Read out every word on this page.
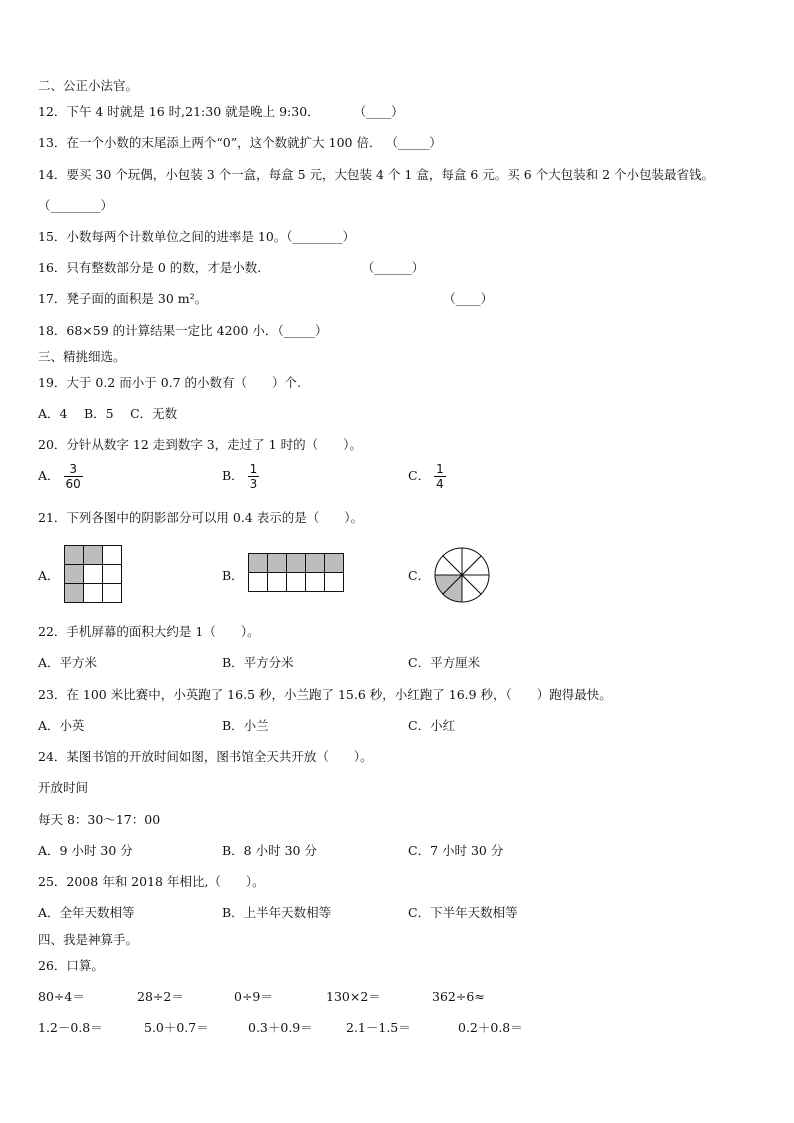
二、公正小法官。
12．下午 4 时就是 16 时,21:30 就是晚上 9:30．	（____）
13．在一个小数的末尾添上两个“0”，这个数就扩大 100 倍． （_____）
14．要买 30 个玩偶，小包装 3 个一盒，每盒 5 元，大包装 4 个 1 盒，每盒 6 元。买 6 个大包装和 2 个小包装最省钱。
（________）
15．小数每两个计数单位之间的进率是 10。（________）
16．只有整数部分是 0 的数，才是小数．	（______）
17．凳子面的面积是 30 m²。	（____）
18．68×59 的计算结果一定比 4200 小．（_____）
三、精挑细选。
19．大于 0.2 而小于 0.7 的小数有（　　）个.
A．4　 B．5　 C．无数
20．分针从数字 12 走到数字 3，走过了 1 时的（　　）。
A． $\frac{3}{60}$	B． $\frac{1}{3}$	C． $\frac{1}{4}$
21．下列各图中的阴影部分可以用 0.4 表示的是（　　）。
A．	B．	C．
22．手机屏幕的面积大约是 1（　　）。
A．平方米	B．平方分米	C．平方厘米
23．在 100 米比赛中，小英跑了 16.5 秒，小兰跑了 15.6 秒，小红跑了 16.9 秒，（　　）跑得最快。
A．小英	B．小兰	C．小红
24．某图书馆的开放时间如图，图书馆全天共开放（　　）。
开放时间
每天 8：30～17：00
A．9 小时 30 分	B．8 小时 30 分	C．7 小时 30 分
25．2008 年和 2018 年相比,（　　）。
A．全年天数相等	B．上半年天数相等	C．下半年天数相等
四、我是神算手。
26．口算。
80÷4＝	28÷2＝	0÷9＝	130×2＝	362÷6≈
1.2－0.8＝	5.0＋0.7＝	0.3＋0.9＝	2.1－1.5＝	0.2＋0.8＝
